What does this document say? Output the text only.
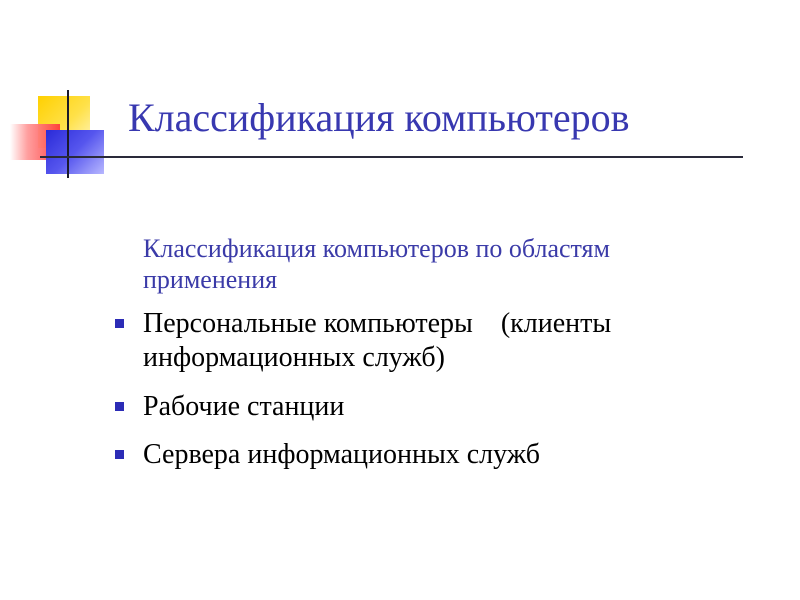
Классификация компьютеров
Классификация компьютеров по областям применения
Персональные компьютеры    (клиенты информационных служб)
Рабочие станции
Сервера информационных служб
